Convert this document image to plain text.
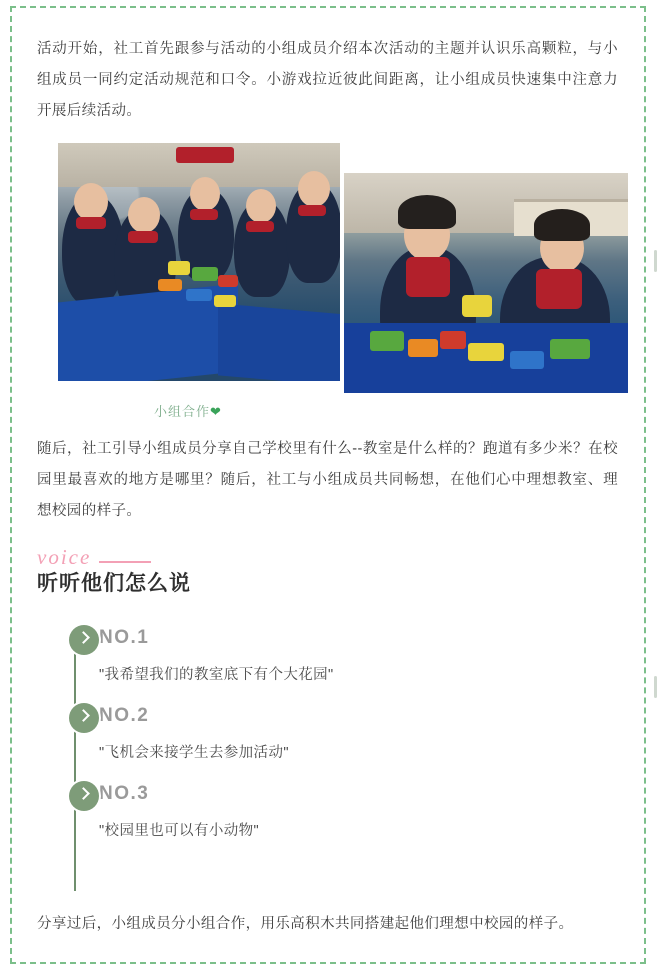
活动开始，社工首先跟参与活动的小组成员介绍本次活动的主题并认识乐高颗粒，与小组成员一同约定活动规范和口令。小游戏拉近彼此间距离，让小组成员快速集中注意力开展后续活动。

小组合作❤

随后，社工引导小组成员分享自己学校里有什么--教室是什么样的？跑道有多少米？在校园里最喜欢的地方是哪里？随后，社工与小组成员共同畅想，在他们心中理想教室、理想校园的样子。

voice
听听他们怎么说
NO.1
"我希望我们的教室底下有个大花园"
NO.2
"飞机会来接学生去参加活动"
NO.3
"校园里也可以有小动物"

分享过后，小组成员分小组合作，用乐高积木共同搭建起他们理想中校园的样子。
